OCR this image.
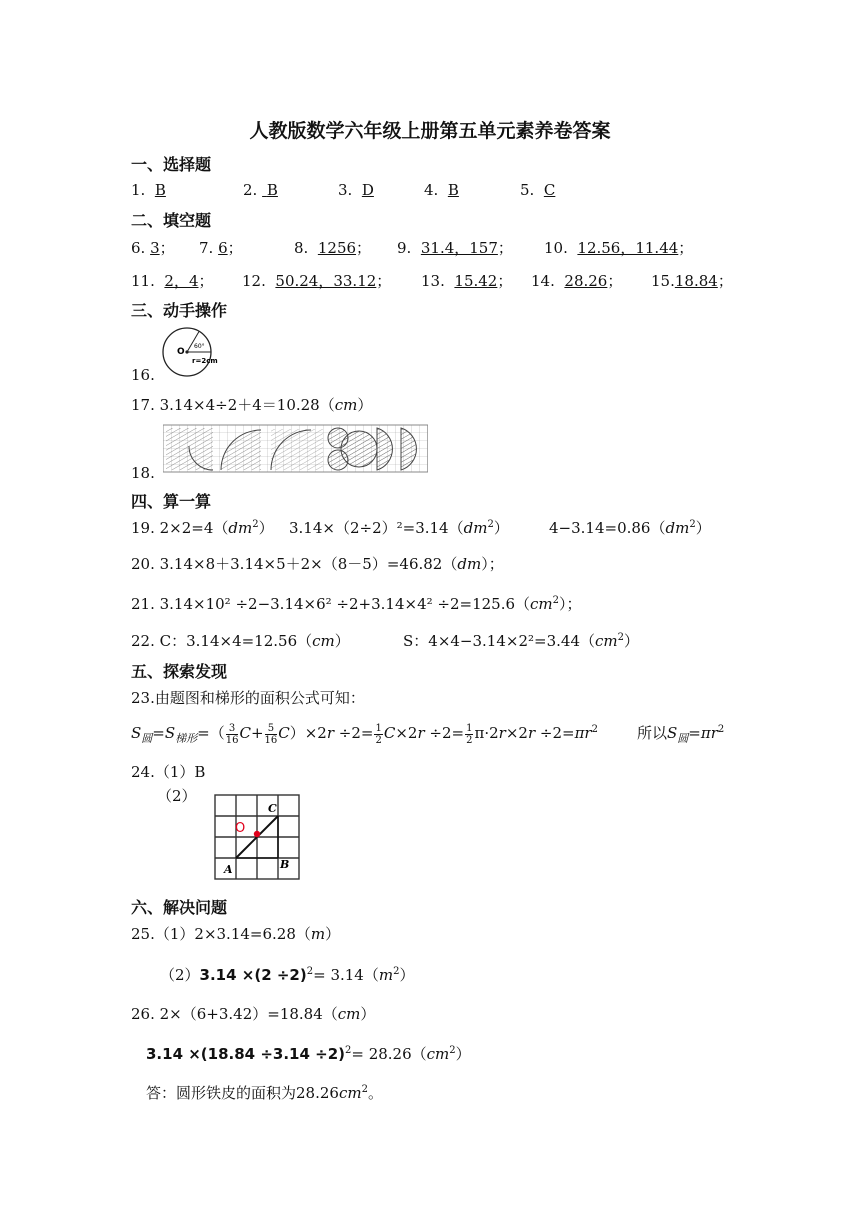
人教版数学六年级上册第五单元素养卷答案
一、选择题
1. B	2. B	3. D	4. B	5. C
二、填空题
6. 3； 7. 6；	8. 1256； 9. 31.4，157； 10. 12.56，11.44；
11. 2，4； 12. 50.24，33.12； 13. 15.42； 14. 28.26； 15.18.84；
三、动手操作
16.
O
r=2cm
60°
17. 3.14×4÷2＋4＝10.28（cm）
18.
四、算一算
19. $2\times 2=4(dm^2)$ $3.14\times(2\div 2)^2=3.14(dm^2)$	$4-3.14=0.86(dm^2)$
20. 3.14×8＋3.14×5＋2×（8－5）=46.82（dm）；
21. $3.14\times 10^2 \div 2-3.14\times 6^2 \div 2+3.14\times 4^2 \div 2=125.6(cm^2)$；
22. C：3.14×4=12.56（cm）	S：$4\times 4-3.14\times 2^2=3.44(cm^2)$
五、探索发现
23.由题图和梯形的面积公式可知：
$S_圆=S_{梯形}=( \frac{3}{16} C+ \frac{5}{16} C)\times 2r \div 2= \frac{1}{2} C\times 2r \div 2= \frac{1}{2} \pi\cdot 2r\times 2r \div 2=\pi r^2$	所以$S_圆=\pi r^2$
24.（1）B
（2）
O
C
A	B
六、解决问题
25.（1）2×3.14=6.28（m）
$(2)3.14 \times(2 \div 2)^2= 3.14(m^2)$
26. 2×（6+3.42）=18.84（cm）
$3.14 \times(18.84 \div 3.14 \div 2)^2= 28.26(cm^2)$
答：圆形铁皮的面积为$28.26cm^2$。
